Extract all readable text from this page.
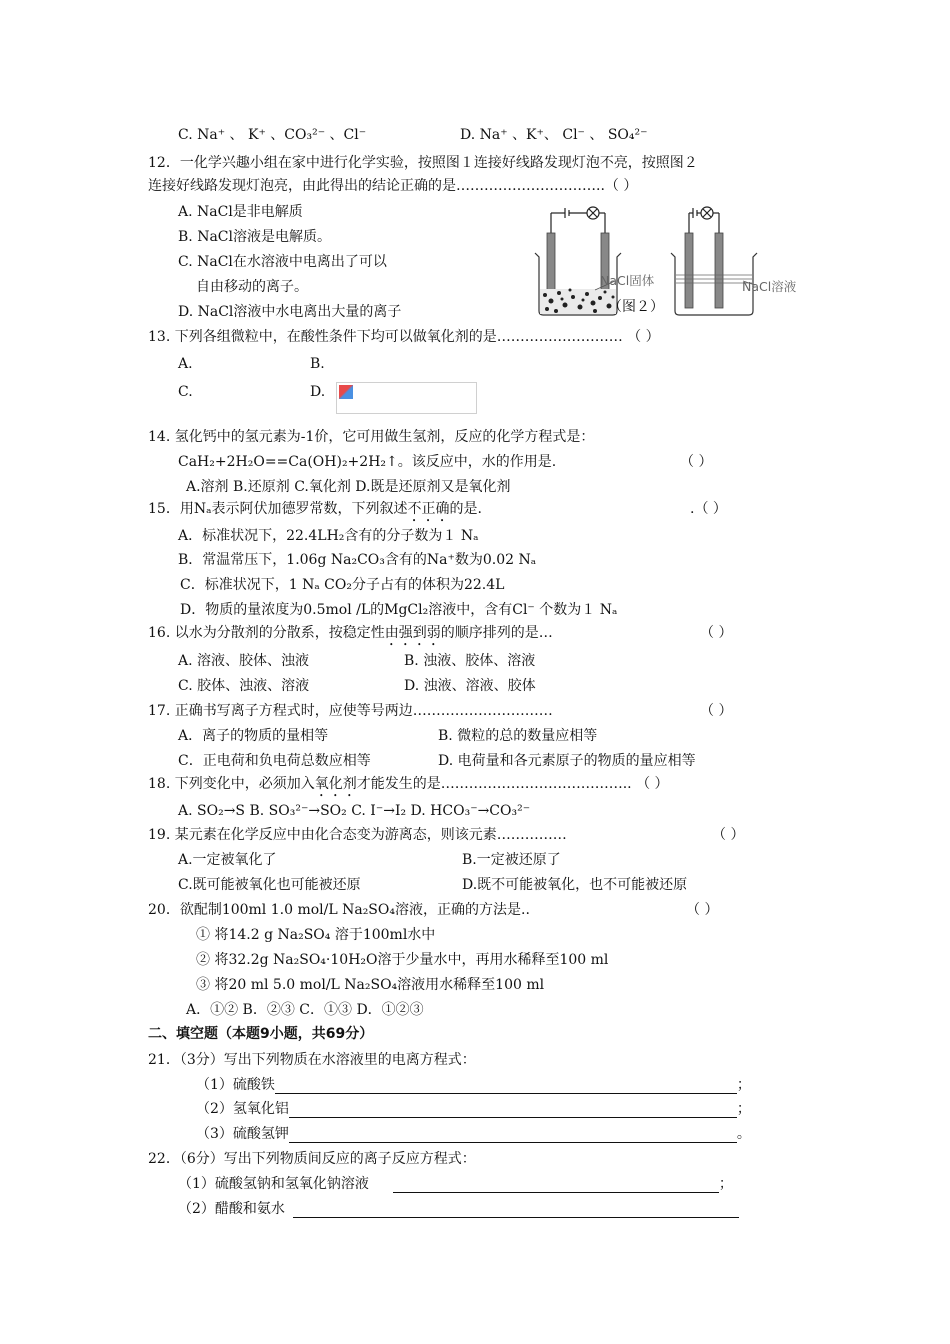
C. Na⁺ 、 K⁺ 、CO₃²⁻ 、Cl⁻	D. Na⁺ 、K⁺、 Cl⁻ 、 SO₄²⁻
12．一化学兴趣小组在家中进行化学实验，按照图１连接好线路发现灯泡不亮，按照图２
连接好线路发现灯泡亮，由此得出的结论正确的是…………………………..（ ）
A. NaCl是非电解质
B. NaCl溶液是电解质。
C. NaCl在水溶液中电离出了可以
自由移动的离子。
D. NaCl溶液中水电离出大量的离子
NaCl固体	NaCl溶液
（图２）
13. 下列各组微粒中，在酸性条件下均可以做氧化剂的是……………………… （ ）
A.	B.
C.	D.
14. 氢化钙中的氢元素为-1价，它可用做生氢剂，反应的化学方程式是：
CaH₂+2H₂O==Ca(OH)₂+2H₂↑。该反应中，水的作用是.	（ ）
A.溶剂 B.还原剂 C.氧化剂 D.既是还原剂又是氧化剂
15．用Nₐ表示阿伏加德罗常数，下列叙述不正确的是.	.（ ）
A．标准状况下，22.4LH₂含有的分子数为１ Nₐ
B．常温常压下，1.06g Na₂CO₃含有的Na⁺数为0.02 Nₐ
C．标准状况下，1 Nₐ CO₂分子占有的体积为22.4L
D．物质的量浓度为0.5mol /L的MgCl₂溶液中，含有Cl⁻ 个数为１ Nₐ
16. 以水为分散剂的分散系，按稳定性由强到弱的顺序排列的是…	（ ）
A. 溶液、胶体、浊液	B. 浊液、胶体、溶液
C. 胶体、浊液、溶液	D. 浊液、溶液、胶体
17. 正确书写离子方程式时，应使等号两边…………………………	（ ）
A．离子的物质的量相等	B. 微粒的总的数量应相等
C．正电荷和负电荷总数应相等	D. 电荷量和各元素原子的物质的量应相等
18. 下列变化中，必须加入氧化剂才能发生的是………………………………….. （ ）
A. SO₂→S B. SO₃²⁻→SO₂ C. I⁻→I₂ D. HCO₃⁻→CO₃²⁻
19. 某元素在化学反应中由化合态变为游离态，则该元素……………	（ ）
A.一定被氧化了	B.一定被还原了
C.既可能被氧化也可能被还原	D.既不可能被氧化，也不可能被还原
20．欲配制100ml 1.0 mol/L Na₂SO₄溶液，正确的方法是..	（ ）
① 将14.2 g Na₂SO₄ 溶于100ml水中
② 将32.2g Na₂SO₄·10H₂O溶于少量水中，再用水稀释至100 ml
③ 将20 ml 5.0 mol/L Na₂SO₄溶液用水稀释至100 ml
A．①② B．②③ C．①③ D．①②③
二、填空题（本题9小题，共69分）
21．（3分）写出下列物质在水溶液里的电离方程式：
（1）硫酸铁	；
（2）氢氧化铝	；
（3）硫酸氢钾	。
22．（6分）写出下列物质间反应的离子反应方程式：
（1）硫酸氢钠和氢氧化钠溶液	；
（2）醋酸和氨水
